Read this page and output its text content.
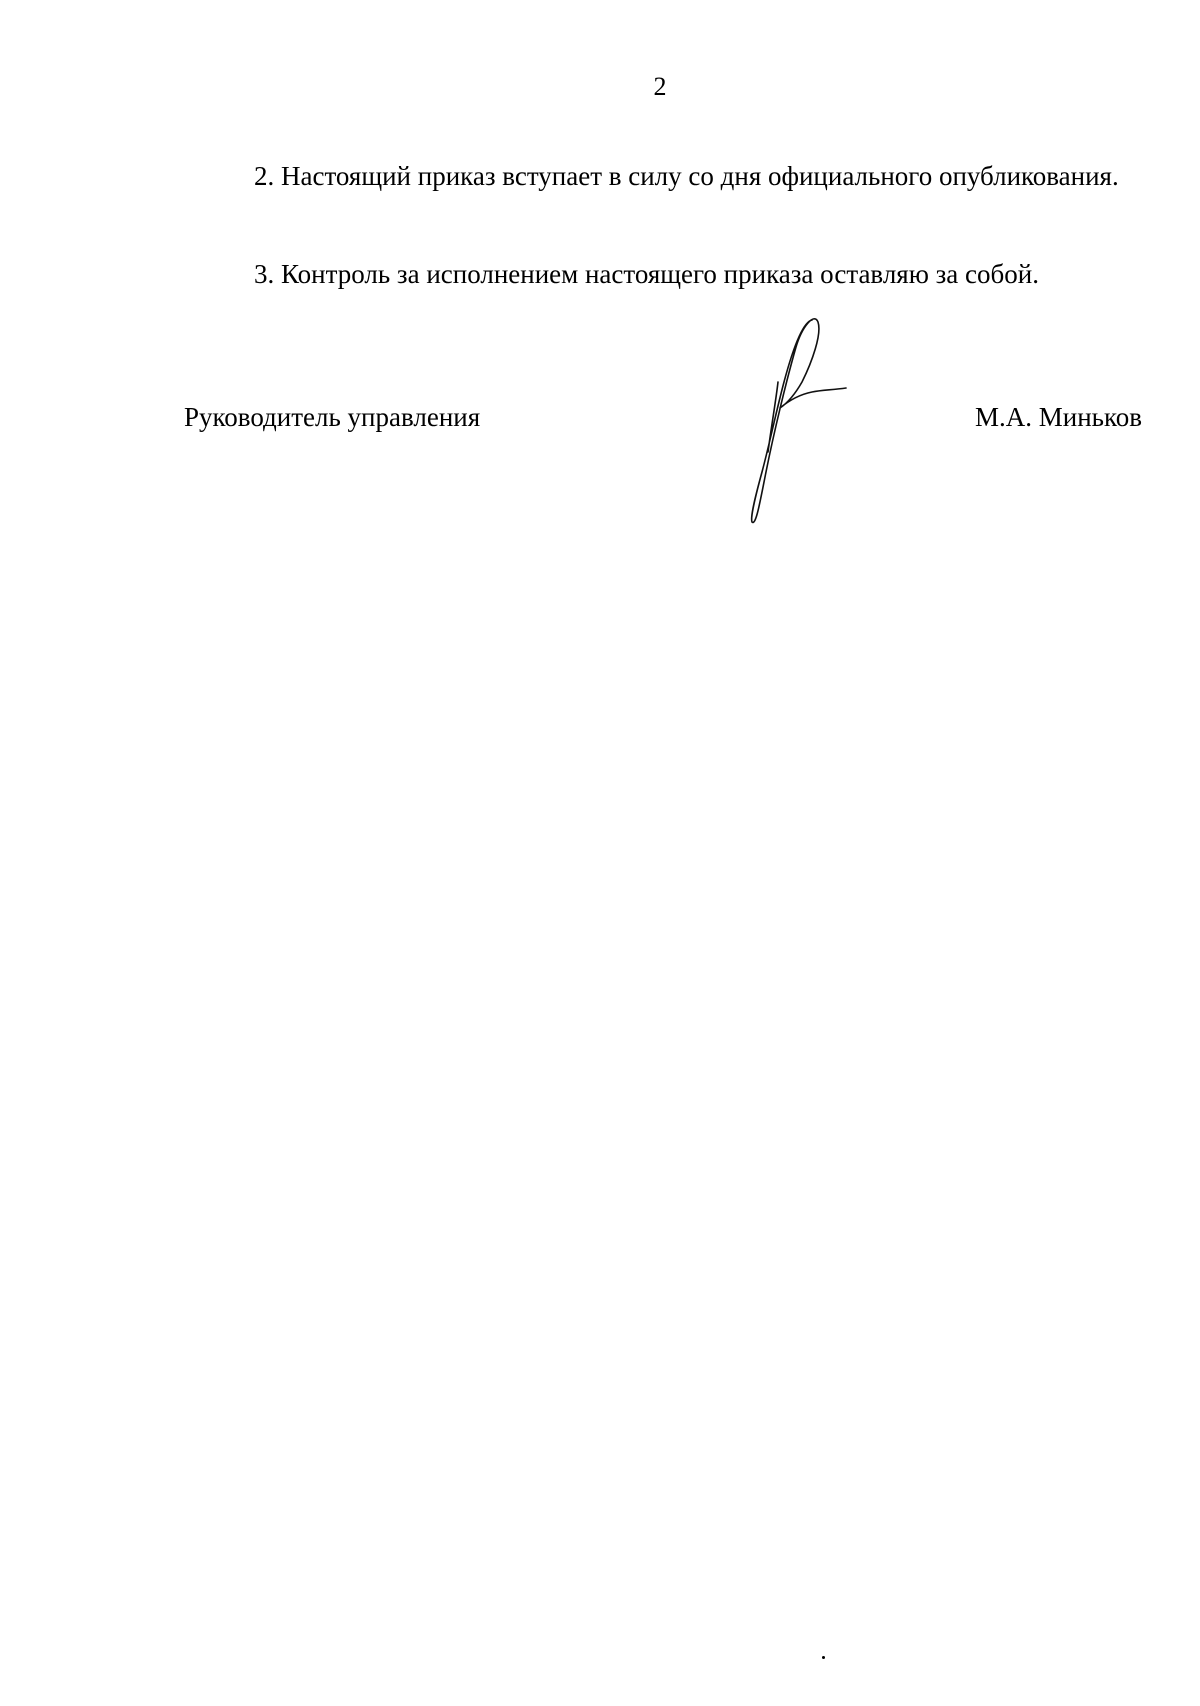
2

2. Настоящий приказ вступает в силу со дня официального опубликования.

3. Контроль за исполнением настоящего приказа оставляю за собой.

Руководитель управления	М.А. Миньков
